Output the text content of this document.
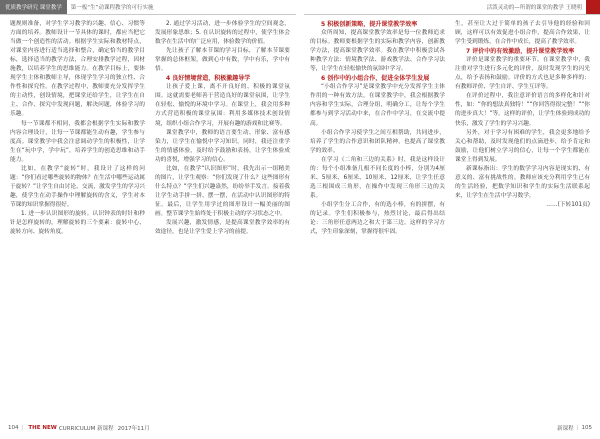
优质教学研究 课堂教学	第一板“生”动课程教学的可行实施	活泼灵动的—所谓的课堂的教学 王晓明

题规则准备，对学生学习教学的兴趣、信心、习惯等方面的培养。教师设计一节具体的课时，都应当把它当做一个创造性的活动。根据学生实际和教材特点，对课堂内容进行适当选择和整合，确定恰当的教学目标，选择适当的教学方法，合理安排教学过程，因材施教，以培养学生的思维能力。在教学目标上，要体现学生主体和教师主导，体现学生学习的独立性、合作性和探究性。在教学过程中，教师要充分发挥学生的主动性，创设情境，把课堂还给学生，让学生在自主、合作、探究中发现问题，解决问题，体验学习的乐趣。

每一节课都不相同，我都会根据学生实际和教学内容合理设计，让每一节课都能生动有趣，学生参与度高。课堂教学中我会注意调动学生的积极性，让学生在“玩中学，学中玩”，培养学生的创造思维和动手能力。

比如，在教学“旋转”时，我设计了这样的问题：“你们看过哪些旋转的物体？在生活中哪些运动属于旋转？”让学生自由讨论、交流，激发学生的学习兴趣，使学生在动手操作中理解旋转的含义，学生对本节课的知识掌握得很好。

1. 进一步认识图形的旋转。认识钟表的时针和秒针是怎样旋转的，理解旋转的三个要素：旋转中心、旋转方向、旋转角度。

2. 通过学习活动，进一步体验学生的空间观念，发展形象思维；5. 在认识旋转的过程中，使学生体会数学在生活中的广泛应用，体验数学的价值。

先让孩子了解本节课的学习目标，了解本节课要掌握的总体框架，做到心中有数，学中有乐，学中有悟。

4 良好情境营造，积极激趣导学

让孩子爱上课，离不开良好的、积极的课堂氛围。这就需要老师善于营造良好的课堂氛围，让学生在轻松、愉悦的环境中学习。在课堂上，我会用多种方式营造积极的课堂氛围：利用多媒体技术创设情境，组织小组合作学习，开展有趣的游戏和比赛等。

课堂教学中，教师的语言要生动、形象、富有感染力，让学生在愉悦中学习知识。同时，我还注重学生的情感体验，及时给予鼓励和表扬，让学生体验成功的喜悦，增强学习的信心。

比如，在教学“认识图形”时，我先出示一组精美的图片，让学生观察：“你们发现了什么？这些图形有什么特点？”学生们兴趣盎然，纷纷举手发言。接着我让学生动手拼一拼、摆一摆，在活动中认识图形的特征。最后，让学生用学过的图形设计一幅美丽的图画。整节课学生始终处于积极主动的学习状态之中。

发展兴趣，激发情感，是提高课堂教学效率的有效途径，也是让学生爱上学习的前提。

5 积极创新策略，提升课堂教学效率

众所周知，提高课堂教学效率是每一位教师追求的目标。教师要根据学生的实际和教学内容，创新教学方法，提高课堂教学效率。我在教学中积极尝试各种教学方法：情境教学法、游戏教学法、合作学习法等，让学生在轻松愉快的氛围中学习。

6 创作中的小组合作，促进全体学生发展

“小组合作学习”是课堂教学中充分发挥学生主体作用的一种有效方法。在课堂教学中，我会根据教学内容和学生实际，合理分组，明确分工，让每个学生都参与到学习活动中来，在合作中学习，在交流中提高。

小组合作学习使学生之间互相帮助，共同进步，培养了学生的合作意识和团队精神，也提高了课堂教学的效率。

在学习《二角和三边的关系》时，我是这样设计的：每个小组准备几根不同长度的小棒，分别为4厘米、5厘米、6厘米、10厘米、12厘米，让学生任意选三根围成三角形，在操作中发现三角形三边的关系。

小组学生分工合作，有的选小棒，有的拼摆，有的记录。学生们积极参与，热烈讨论，最后得出结论：三角形任意两边之和大于第三边。这样的学习方式，学生印象深刻，掌握得很牢固。

生，甚至让大过于简单的孩子去引导他的经验和回顾，这样可以有效促进小组合作，提高合作效果，让学生受到锻炼，在合作中成长，提高了教学效率。

7 评价中的有效激励，提升课堂教学效率

评价是课堂教学的重要环节。在课堂教学中，我注重对学生进行多元化的评价，及时发现学生的闪光点，给予表扬和鼓励。评价的方式也是多种多样的：有教师评价、学生自评、学生互评等。

在评价过程中，我注意评价语言的多样化和针对性，如：“你的想法真独特！”“你回答得很完整！”“你的进步真大！”等。这样的评价，让学生体验到成功的快乐，激发了学生的学习兴趣。

另外，对于学习有困难的学生，我会更多地给予关心和帮助，及时发现他们的点滴进步，给予肯定和鼓励，让他们树立学习的信心，让每一个学生都能在课堂上得到发展。

新课标指出：学生的数学学习内容是现实的、有意义的、富有挑战性的。教师应该充分利用学生已有的生活经验，把数学知识和学生的实际生活联系起来，让学生在生活中学习数学。

……(下转101页)

104 | THE NEW CURRICULUM 新课程 2017年11月	新课程 | 105
